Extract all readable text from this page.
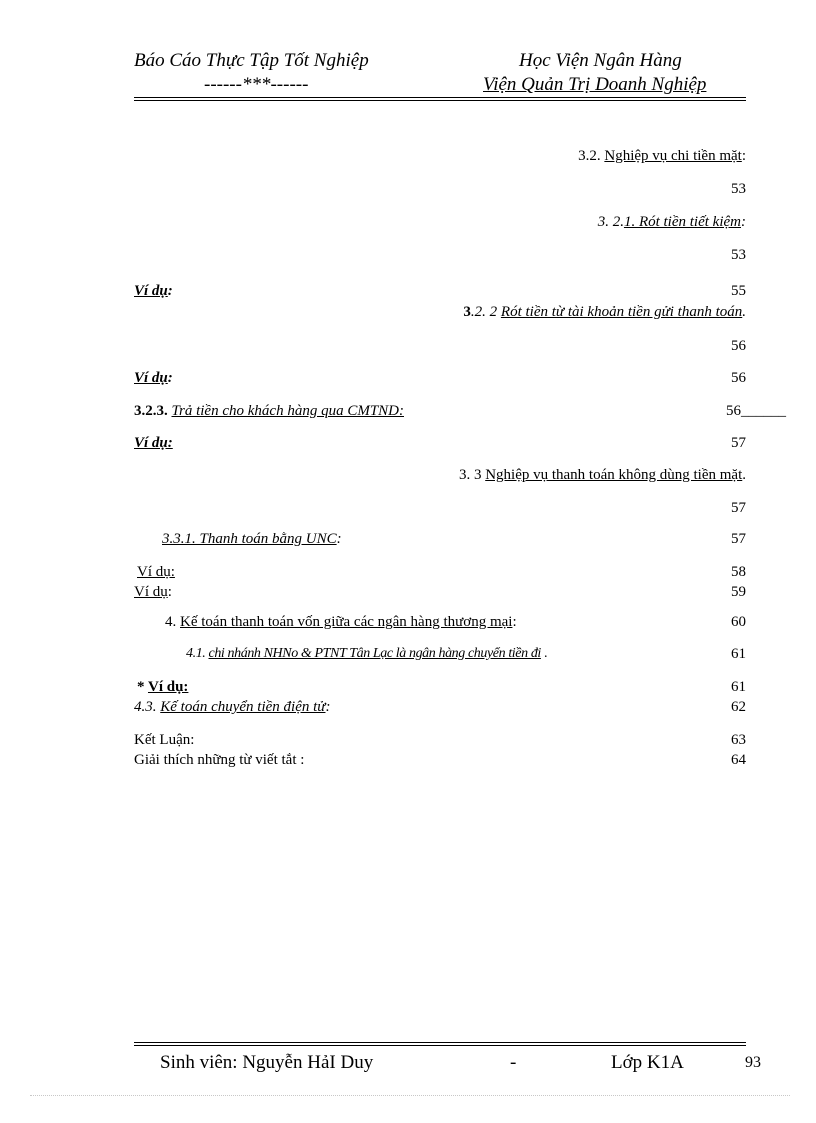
Báo Cáo Thực Tập Tốt Nghiệp
------***------
Học Viện Ngân Hàng
Viện Quản Trị Doanh Nghiệp
3.2. Nghiệp vụ chi tiền mặt:
53
3. 2.1. Rót tiền tiết kiệm:
53
Ví dụ:	55
3.2. 2 Rót tiền từ tài khoản tiền gửi thanh toán.
56
Ví dụ:	56
3.2.3. Trả tiền cho khách hàng qua CMTND:	56______
Ví dụ:	57
3. 3 Nghiệp vụ thanh toán không dùng tiền mặt.
57
3.3.1. Thanh toán bằng UNC:	57
Ví dụ:	58
Ví dụ:	59
4. Kế toán thanh toán vốn giữa các ngân hàng thương mại:	60
4.1. chi nhánh NHNo & PTNT Tân Lạc là ngân hàng chuyển tiền đi .	61
* Ví dụ:	61
4.3. Kế toán chuyển tiền điện tử:	62
Kết Luận:	63
Giải thích những từ viết tắt :	64
Sinh viên: Nguyễn HảI Duy	-	Lớp K1A	93
